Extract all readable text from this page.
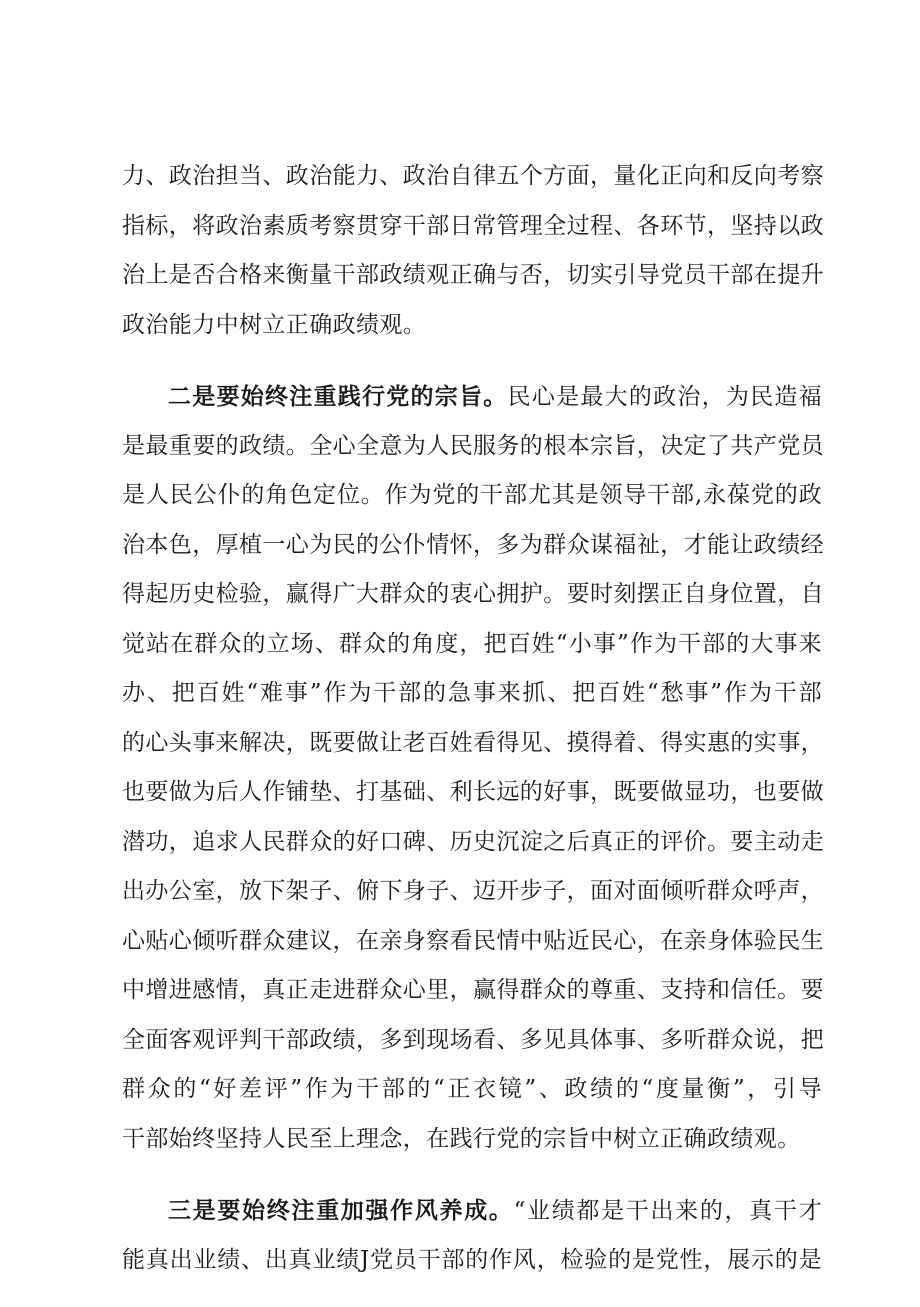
力、政治担当、政治能力、政治自律五个方面，量化正向和反向考察
指标，将政治素质考察贯穿干部日常管理全过程、各环节，坚持以政
治上是否合格来衡量干部政绩观正确与否，切实引导党员干部在提升
政治能力中树立正确政绩观。
二是要始终注重践行党的宗旨。民心是最大的政治，为民造福
是最重要的政绩。全心全意为人民服务的根本宗旨，决定了共产党员
是人民公仆的角色定位。作为党的干部尤其是领导干部,永葆党的政
治本色，厚植一心为民的公仆情怀，多为群众谋福祉，才能让政绩经
得起历史检验，赢得广大群众的衷心拥护。要时刻摆正自身位置，自
觉站在群众的立场、群众的角度，把百姓“小事”作为干部的大事来
办、把百姓“难事”作为干部的急事来抓、把百姓“愁事”作为干部
的心头事来解决，既要做让老百姓看得见、摸得着、得实惠的实事，
也要做为后人作铺垫、打基础、利长远的好事，既要做显功，也要做
潜功，追求人民群众的好口碑、历史沉淀之后真正的评价。要主动走
出办公室，放下架子、俯下身子、迈开步子，面对面倾听群众呼声，
心贴心倾听群众建议，在亲身察看民情中贴近民心，在亲身体验民生
中增进感情，真正走进群众心里，赢得群众的尊重、支持和信任。要
全面客观评判干部政绩，多到现场看、多见具体事、多听群众说，把
群众的“好差评”作为干部的“正衣镜”、政绩的“度量衡”，引导
干部始终坚持人民至上理念，在践行党的宗旨中树立正确政绩观。
三是要始终注重加强作风养成。“业绩都是干出来的，真干才
能真出业绩、出真业绩J党员干部的作风，检验的是党性，展示的是
